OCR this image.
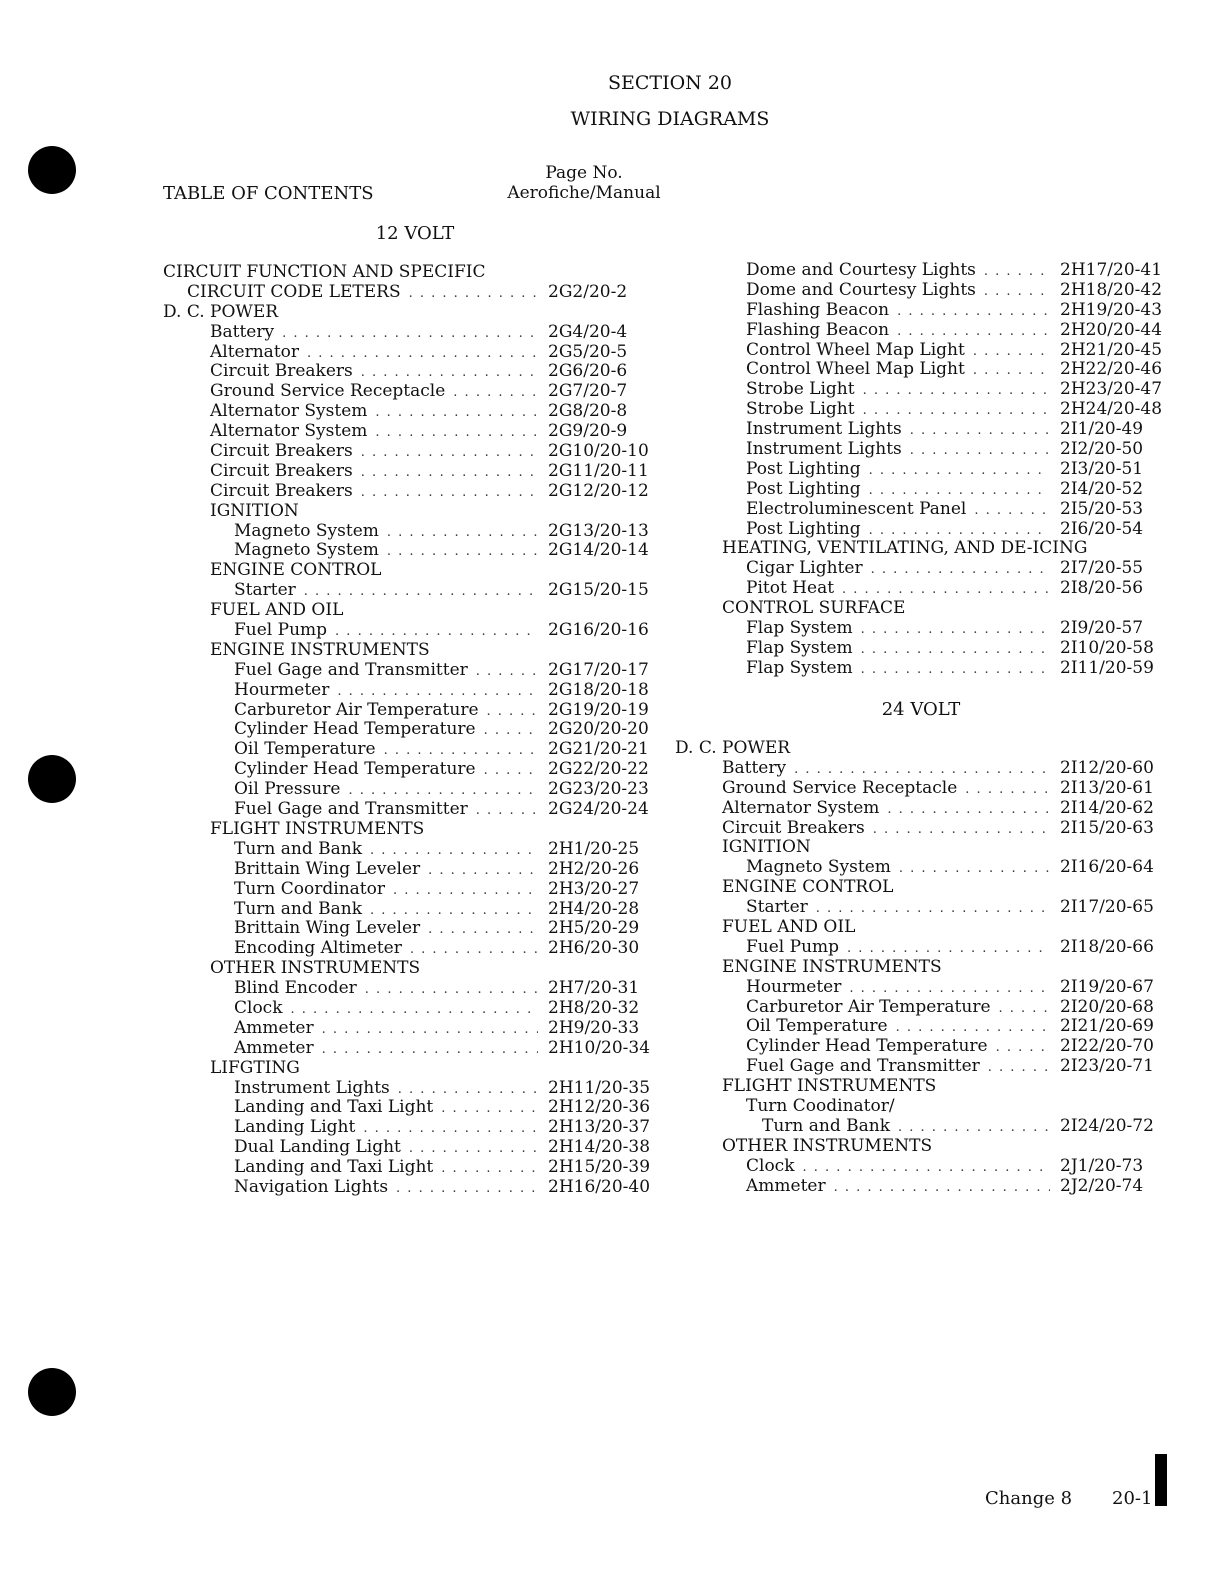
SECTION 20
WIRING DIAGRAMS
TABLE OF CONTENTS
Page No.
Aerofiche/Manual
12 VOLT
CIRCUIT FUNCTION AND SPECIFIC
CIRCUIT CODE LETERS . . .	2G2/20-2
D. C. POWER
Battery . . .	2G4/20-4
Alternator . . .	2G5/20-5
Circuit Breakers . . .	2G6/20-6
Ground Service Receptacle . . .	2G7/20-7
Alternator System . . .	2G8/20-8
Alternator System . . .	2G9/20-9
Circuit Breakers . . .	2G10/20-10
Circuit Breakers . . .	2G11/20-11
Circuit Breakers . . .	2G12/20-12
IGNITION
Magneto System . . .	2G13/20-13
Magneto System . . .	2G14/20-14
ENGINE CONTROL
Starter . . .	2G15/20-15
FUEL AND OIL
Fuel Pump . . .	2G16/20-16
ENGINE INSTRUMENTS
Fuel Gage and Transmitter . . .	2G17/20-17
Hourmeter . . .	2G18/20-18
Carburetor Air Temperature . . .	2G19/20-19
Cylinder Head Temperature . . .	2G20/20-20
Oil Temperature . . .	2G21/20-21
Cylinder Head Temperature . . .	2G22/20-22
Oil Pressure . . .	2G23/20-23
Fuel Gage and Transmitter . . .	2G24/20-24
FLIGHT INSTRUMENTS
Turn and Bank . . .	2H1/20-25
Brittain Wing Leveler . . .	2H2/20-26
Turn Coordinator . . .	2H3/20-27
Turn and Bank . . .	2H4/20-28
Brittain Wing Leveler . . .	2H5/20-29
Encoding Altimeter . . .	2H6/20-30
OTHER INSTRUMENTS
Blind Encoder . . .	2H7/20-31
Clock . . .	2H8/20-32
Ammeter . . .	2H9/20-33
Ammeter . . .	2H10/20-34
LIFGTING
Instrument Lights . . .	2H11/20-35
Landing and Taxi Light . . .	2H12/20-36
Landing Light . . .	2H13/20-37
Dual Landing Light . . .	2H14/20-38
Landing and Taxi Light . . .	2H15/20-39
Navigation Lights . . .	2H16/20-40
Dome and Courtesy Lights . . .	2H17/20-41
Dome and Courtesy Lights . . .	2H18/20-42
Flashing Beacon . . .	2H19/20-43
Flashing Beacon . . .	2H20/20-44
Control Wheel Map Light . . .	2H21/20-45
Control Wheel Map Light . . .	2H22/20-46
Strobe Light . . .	2H23/20-47
Strobe Light . . .	2H24/20-48
Instrument Lights . . .	2I1/20-49
Instrument Lights . . .	2I2/20-50
Post Lighting . . .	2I3/20-51
Post Lighting . . .	2I4/20-52
Electroluminescent Panel . . .	2I5/20-53
Post Lighting . . .	2I6/20-54
HEATING, VENTILATING, AND DE-ICING
Cigar Lighter . . .	2I7/20-55
Pitot Heat . . .	2I8/20-56
CONTROL SURFACE
Flap System . . .	2I9/20-57
Flap System . . .	2I10/20-58
Flap System . . .	2I11/20-59
24 VOLT
D. C. POWER
Battery . . .	2I12/20-60
Ground Service Receptacle . . .	2I13/20-61
Alternator System . . .	2I14/20-62
Circuit Breakers . . .	2I15/20-63
IGNITION
Magneto System . . .	2I16/20-64
ENGINE CONTROL
Starter . . .	2I17/20-65
FUEL AND OIL
Fuel Pump . . .	2I18/20-66
ENGINE INSTRUMENTS
Hourmeter . . .	2I19/20-67
Carburetor Air Temperature . . .	2I20/20-68
Oil Temperature . . .	2I21/20-69
Cylinder Head Temperature . . .	2I22/20-70
Fuel Gage and Transmitter . . .	2I23/20-71
FLIGHT INSTRUMENTS
Turn Coodinator/
Turn and Bank . . .	2I24/20-72
OTHER INSTRUMENTS
Clock . . .	2J1/20-73
Ammeter . . .	2J2/20-74
Change 8 20-1
